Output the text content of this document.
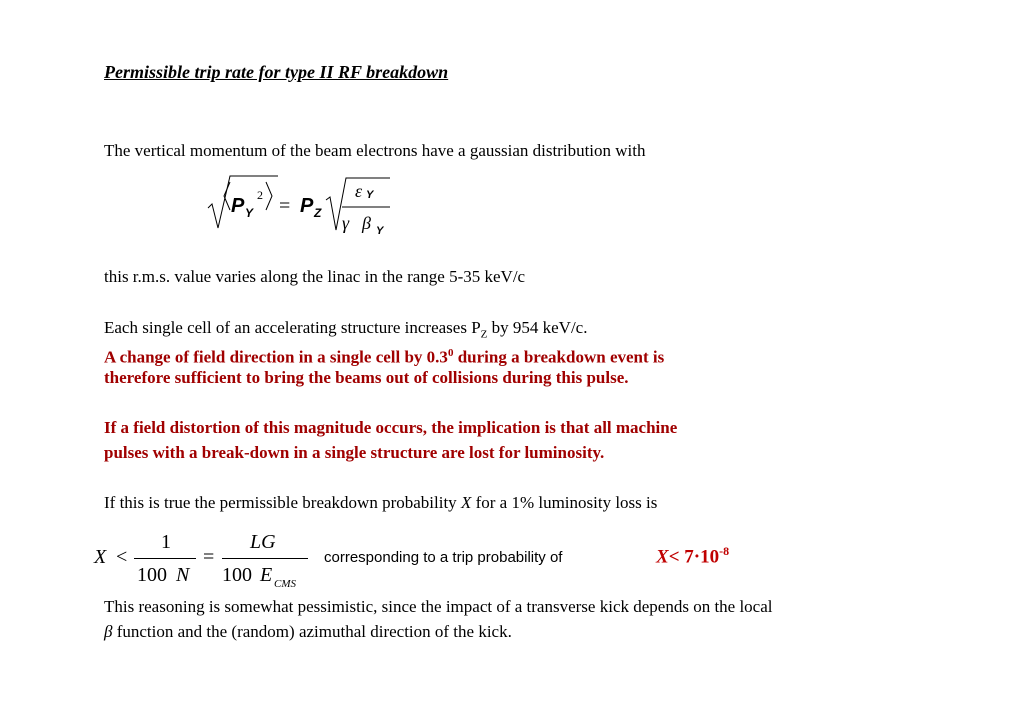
Permissible trip rate for type II RF breakdown
The vertical momentum of the beam electrons have a gaussian distribution with
P Y
2 = P Z
ε Y
γ β Y
this r.m.s. value varies along the linac in the range 5-35 keV/c
Each single cell of an accelerating structure increases $P_Z$ by 954 keV/c.
A change of field direction in a single cell by $0.3^0$ during a breakdown event is
therefore sufficient to bring the beams out of collisions during this pulse.
If a field distortion of this magnitude occurs, the implication is that all machine
pulses with a break-down in a single structure are lost for luminosity.
If this is true the permissible breakdown probability X for a 1% luminosity loss is
X <
1
100 N
=
LG
100 E CMS
corresponding to a trip probability of	$X< 7\cdot 10^{-8}$
This reasoning is somewhat pessimistic, since the impact of a transverse kick depends on the local
β function and the (random) azimuthal direction of the kick.
